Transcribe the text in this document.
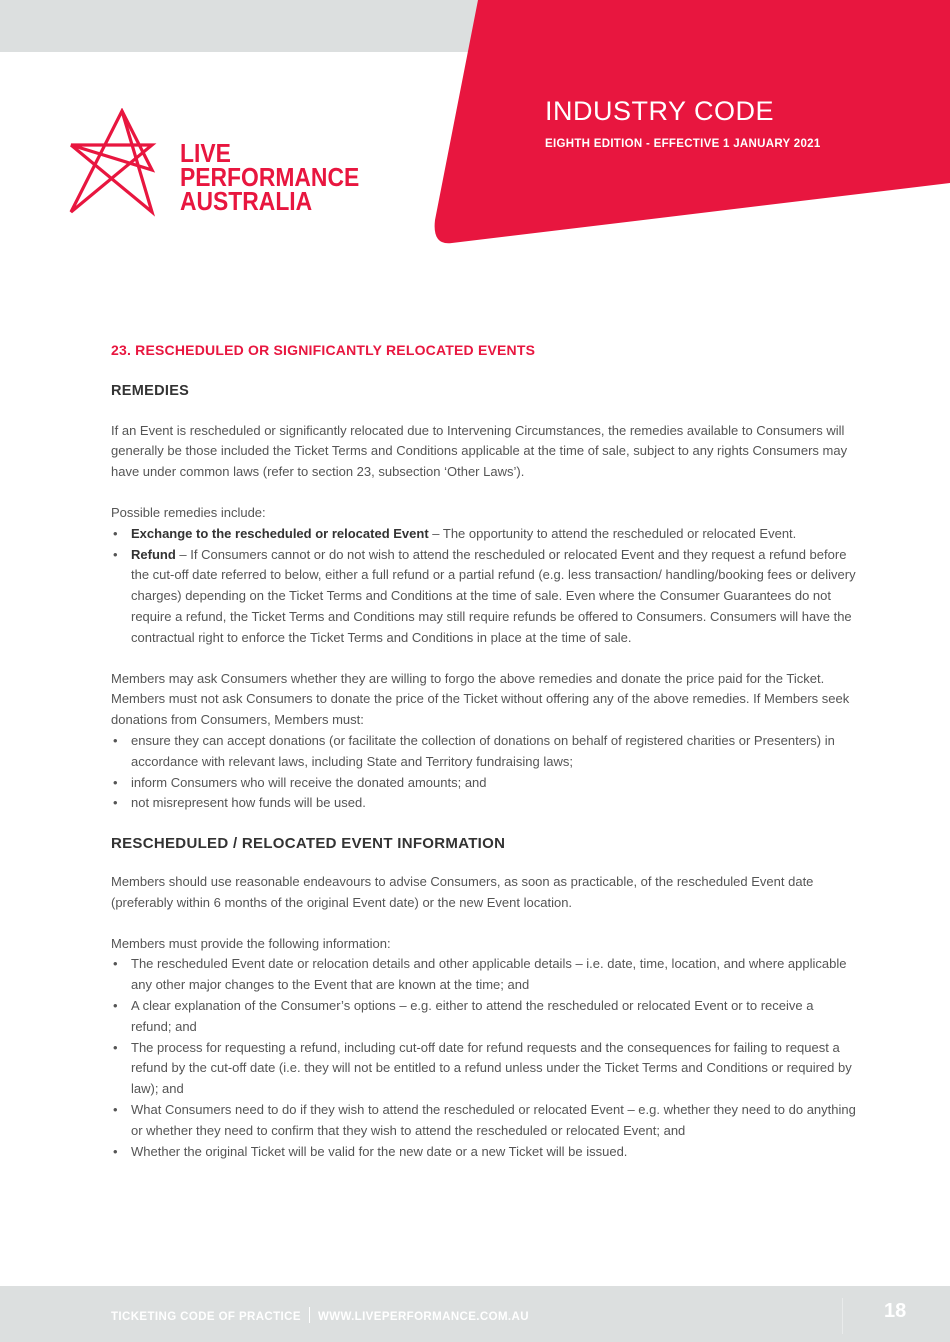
LIVE
PERFORMANCE
AUSTRALIA
INDUSTRY CODE
EIGHTH EDITION - EFFECTIVE 1 JANUARY 2021
23. RESCHEDULED OR SIGNIFICANTLY RELOCATED EVENTS
REMEDIES

If an Event is rescheduled or significantly relocated due to Intervening Circumstances, the remedies available to Consumers will generally be those included the Ticket Terms and Conditions applicable at the time of sale, subject to any rights Consumers may have under common laws (refer to section 23, subsection ‘Other Laws’).

Possible remedies include:

• Exchange to the rescheduled or relocated Event – The opportunity to attend the rescheduled or relocated Event.
• Refund – If Consumers cannot or do not wish to attend the rescheduled or relocated Event and they request a refund before the cut-off date referred to below, either a full refund or a partial refund (e.g. less transaction/ handling/booking fees or delivery charges) depending on the Ticket Terms and Conditions at the time of sale. Even where the Consumer Guarantees do not require a refund, the Ticket Terms and Conditions may still require refunds be offered to Consumers. Consumers will have the contractual right to enforce the Ticket Terms and Conditions in place at the time of sale.

Members may ask Consumers whether they are willing to forgo the above remedies and donate the price paid for the Ticket. Members must not ask Consumers to donate the price of the Ticket without offering any of the above remedies. If Members seek donations from Consumers, Members must:

• ensure they can accept donations (or facilitate the collection of donations on behalf of registered charities or Presenters) in accordance with relevant laws, including State and Territory fundraising laws;
• inform Consumers who will receive the donated amounts; and
• not misrepresent how funds will be used.
RESCHEDULED / RELOCATED EVENT INFORMATION

Members should use reasonable endeavours to advise Consumers, as soon as practicable, of the rescheduled Event date (preferably within 6 months of the original Event date) or the new Event location.

Members must provide the following information:

• The rescheduled Event date or relocation details and other applicable details – i.e. date, time, location, and where applicable any other major changes to the Event that are known at the time; and
• A clear explanation of the Consumer’s options – e.g. either to attend the rescheduled or relocated Event or to receive a refund; and
• The process for requesting a refund, including cut-off date for refund requests and the consequences for failing to request a refund by the cut-off date (i.e. they will not be entitled to a refund unless under the Ticket Terms and Conditions or required by law); and
• What Consumers need to do if they wish to attend the rescheduled or relocated Event – e.g. whether they need to do anything or whether they need to confirm that they wish to attend the rescheduled or relocated Event; and
• Whether the original Ticket will be valid for the new date or a new Ticket will be issued.
TICKETING CODE OF PRACTICE WWW.LIVEPERFORMANCE.COM.AU	18
